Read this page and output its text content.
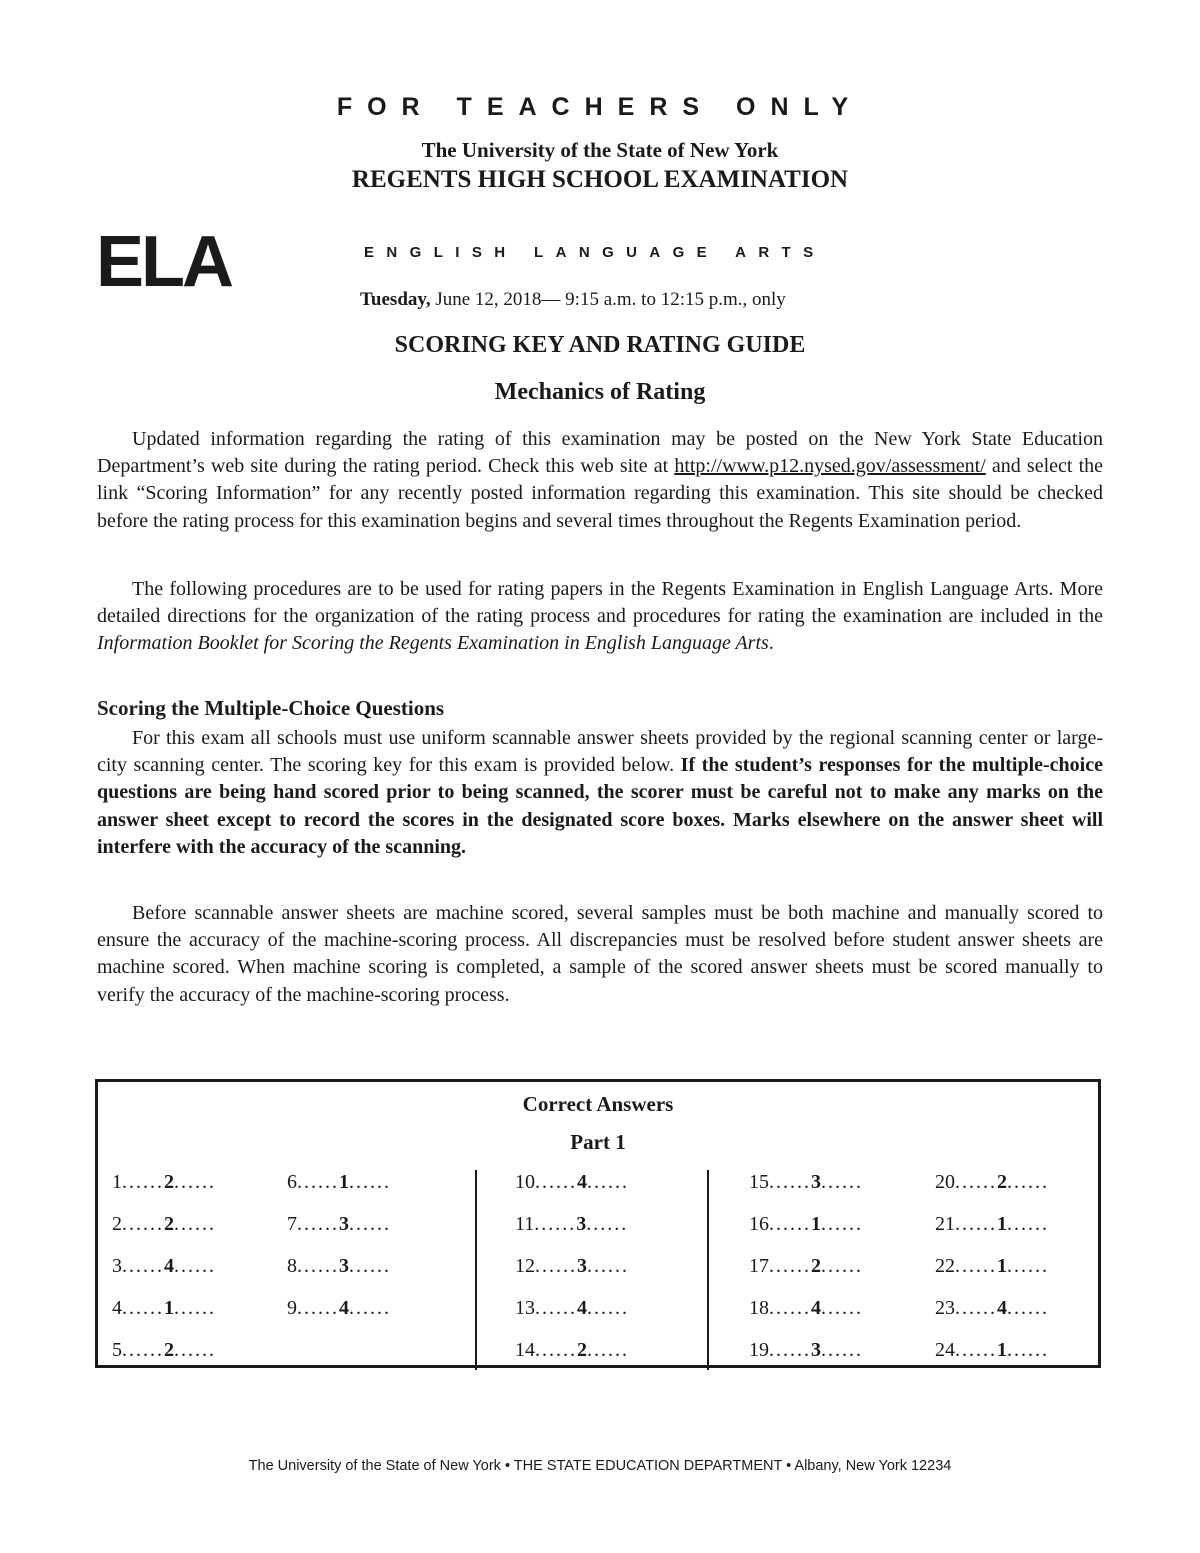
FOR TEACHERS ONLY
The University of the State of New York
REGENTS HIGH SCHOOL EXAMINATION
ELA	ENGLISH LANGUAGE ARTS
Tuesday, June 12, 2018— 9:15 a.m. to 12:15 p.m., only
SCORING KEY AND RATING GUIDE
Mechanics of Rating

Updated information regarding the rating of this examination may be posted on the New York State Education Department’s web site during the rating period. Check this web site at http://www.p12.nysed.gov/assessment/ and select the link “Scoring Information” for any recently posted information regarding this examination. This site should be checked before the rating process for this examination begins and several times throughout the Regents Examination period.

The following procedures are to be used for rating papers in the Regents Examination in English Language Arts. More detailed directions for the organization of the rating process and procedures for rating the examination are included in the Information Booklet for Scoring the Regents Examination in English Language Arts.

Scoring the Multiple-Choice Questions

For this exam all schools must use uniform scannable answer sheets provided by the regional scanning center or large-city scanning center. The scoring key for this exam is provided below. If the student’s responses for the multiple-choice questions are being hand scored prior to being scanned, the scorer must be careful not to make any marks on the answer sheet except to record the scores in the designated score boxes. Marks elsewhere on the answer sheet will interfere with the accuracy of the scanning.

Before scannable answer sheets are machine scored, several samples must be both machine and manually scored to ensure the accuracy of the machine-scoring process. All discrepancies must be resolved before student answer sheets are machine scored. When machine scoring is completed, a sample of the scored answer sheets must be scored manually to verify the accuracy of the machine-scoring process.

Correct Answers
Part 1
1......2......
2......2......
3......4......
4......1......
5......2......
6......1......
7......3......
8......3......
9......4......
10......4......
11......3......
12......3......
13......4......
14......2......
15......3......
16......1......
17......2......
18......4......
19......3......
20......2......
21......1......
22......1......
23......4......
24......1......
The University of the State of New York • THE STATE EDUCATION DEPARTMENT • Albany, New York 12234
